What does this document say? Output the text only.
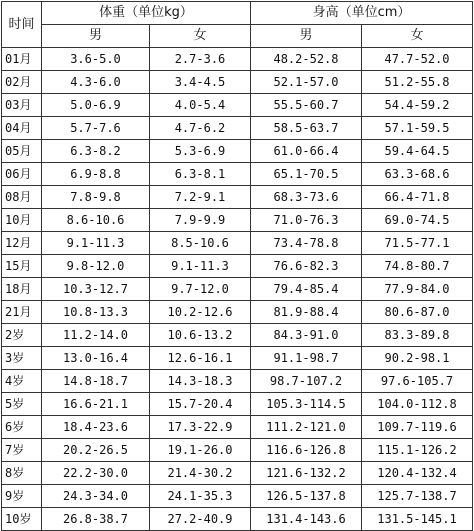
时间	体重（单位kg）		身高（单位cm）	
	男	女	男	女
01月	3.6-5.0	2.7-3.6	48.2-52.8	47.7-52.0
02月	4.3-6.0	3.4-4.5	52.1-57.0	51.2-55.8
03月	5.0-6.9	4.0-5.4	55.5-60.7	54.4-59.2
04月	5.7-7.6	4.7-6.2	58.5-63.7	57.1-59.5
05月	6.3-8.2	5.3-6.9	61.0-66.4	59.4-64.5
06月	6.9-8.8	6.3-8.1	65.1-70.5	63.3-68.6
08月	7.8-9.8	7.2-9.1	68.3-73.6	66.4-71.8
10月	8.6-10.6	7.9-9.9	71.0-76.3	69.0-74.5
12月	9.1-11.3	8.5-10.6	73.4-78.8	71.5-77.1
15月	9.8-12.0	9.1-11.3	76.6-82.3	74.8-80.7
18月	10.3-12.7	9.7-12.0	79.4-85.4	77.9-84.0
21月	10.8-13.3	10.2-12.6	81.9-88.4	80.6-87.0
2岁	11.2-14.0	10.6-13.2	84.3-91.0	83.3-89.8
3岁	13.0-16.4	12.6-16.1	91.1-98.7	90.2-98.1
4岁	14.8-18.7	14.3-18.3	98.7-107.2	97.6-105.7
5岁	16.6-21.1	15.7-20.4	105.3-114.5	104.0-112.8
6岁	18.4-23.6	17.3-22.9	111.2-121.0	109.7-119.6
7岁	20.2-26.5	19.1-26.0	116.6-126.8	115.1-126.2
8岁	22.2-30.0	21.4-30.2	121.6-132.2	120.4-132.4
9岁	24.3-34.0	24.1-35.3	126.5-137.8	125.7-138.7
10岁	26.8-38.7	27.2-40.9	131.4-143.6	131.5-145.1
